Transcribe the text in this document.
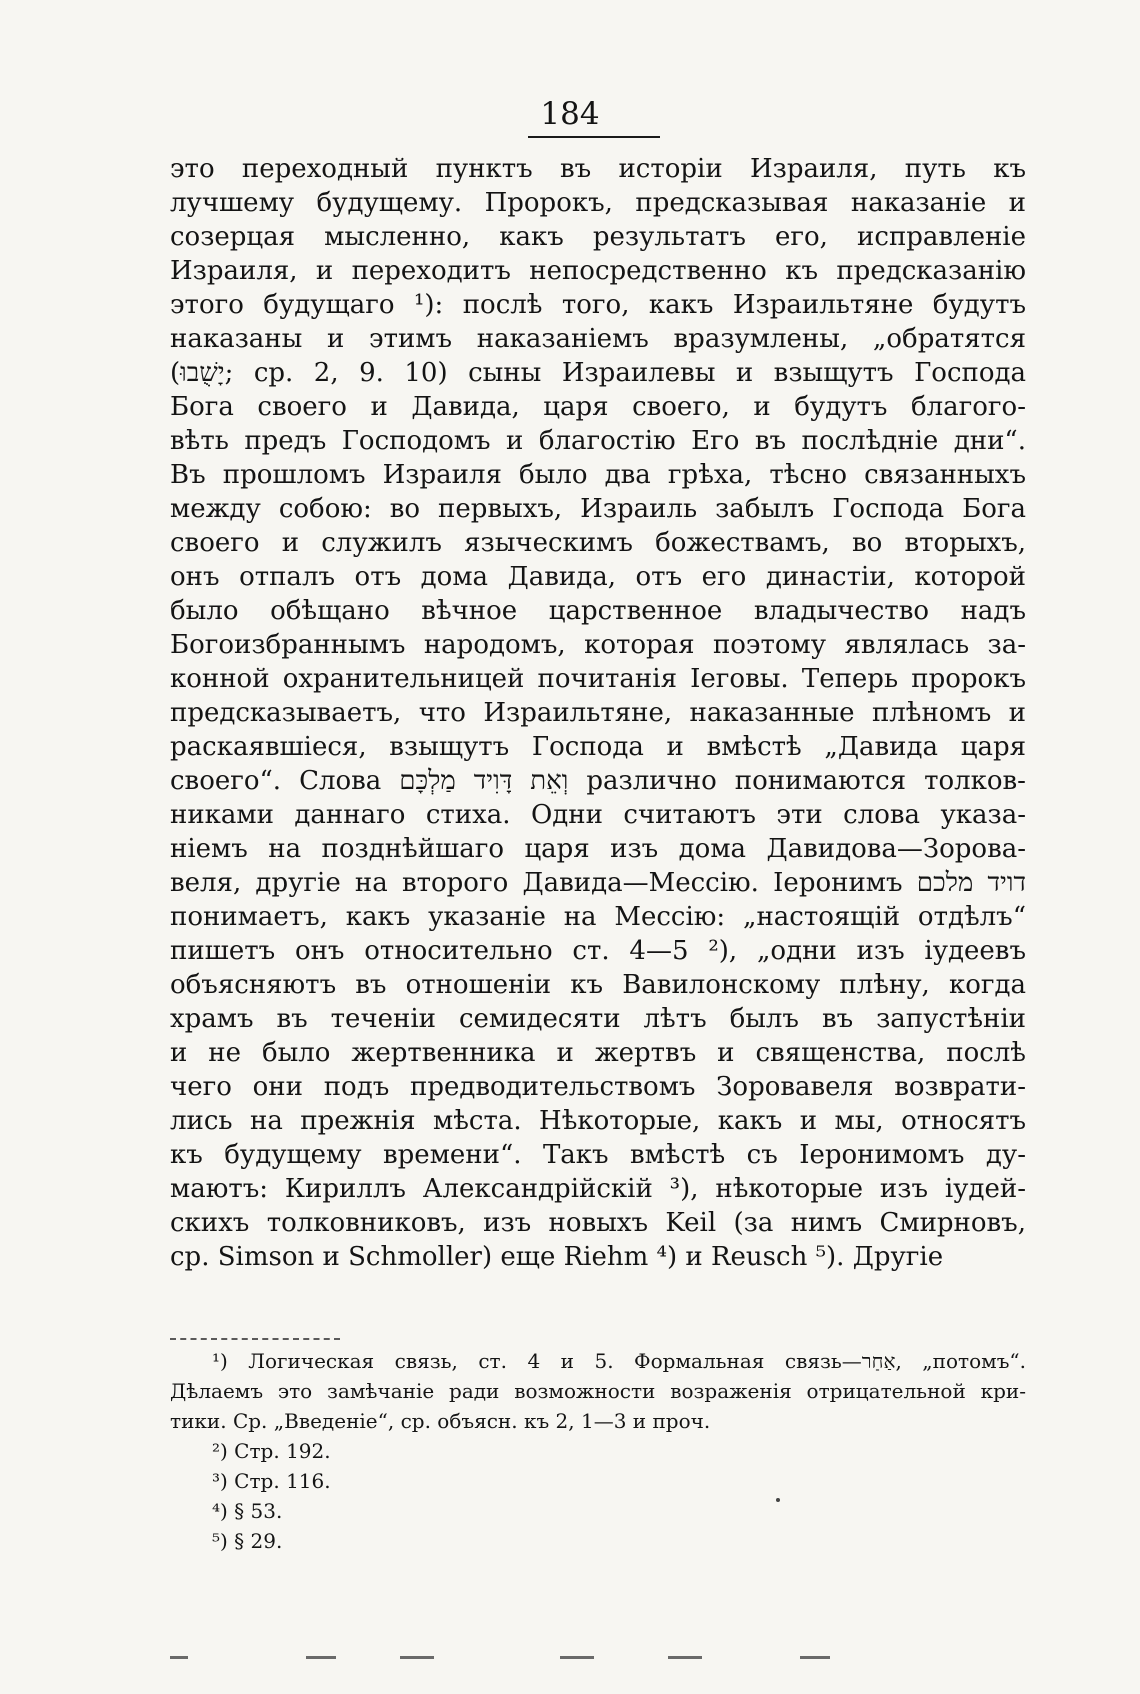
184
это переходный пунктъ въ исторіи Израиля, путь къ
лучшему будущему. Пророкъ, предсказывая наказаніе и
созерцая мысленно, какъ результатъ его, исправленіе
Израиля, и переходитъ непосредственно къ предсказанію
этого будущаго ¹): послѣ того, какъ Израильтяне будутъ
наказаны и этимъ наказаніемъ вразумлены, „обратятся
(יָשֻׁבוּ; ср. 2, 9. 10) сыны Израилевы и взыщутъ Господа
Бога своего и Давида, царя своего, и будутъ благого-
вѣть предъ Господомъ и благостію Его въ послѣдніе дни“.
Въ прошломъ Израиля было два грѣха, тѣсно связанныхъ
между собою: во первыхъ, Израиль забылъ Господа Бога
своего и служилъ языческимъ божествамъ, во вторыхъ,
онъ отпалъ отъ дома Давида, отъ его династіи, которой
было обѣщано вѣчное царственное владычество надъ
Богоизбраннымъ народомъ, которая поэтому являлась за-
конной охранительницей почитанія Іеговы. Теперь пророкъ
предсказываетъ, что Израильтяне, наказанные плѣномъ и
раскаявшіеся, взыщутъ Господа и вмѣстѣ „Давида царя
своего“. Слова וְאֵת דָּוִיד מַלְכָּם различно понимаются толков-
никами даннаго стиха. Одни считаютъ эти слова указа-
ніемъ на позднѣйшаго царя изъ дома Давидова—Зорова-
веля, другіе на второго Давида—Мессію. Іеронимъ דויד מלכם
понимаетъ, какъ указаніе на Мессію: „настоящій отдѣлъ“
пишетъ онъ относительно ст. 4—5 ²), „одни изъ іудеевъ
объясняютъ въ отношеніи къ Вавилонскому плѣну, когда
храмъ въ теченіи семидесяти лѣтъ былъ въ запустѣніи
и не было жертвенника и жертвъ и священства, послѣ
чего они подъ предводительствомъ Зоровавеля возврати-
лись на прежнія мѣста. Нѣкоторые, какъ и мы, относятъ
къ будущему времени“. Такъ вмѣстѣ съ Іеронимомъ ду-
маютъ: Кириллъ Александрійскій ³), нѣкоторые изъ іудей-
скихъ толковниковъ, изъ новыхъ Keil (за нимъ Смирновъ,
ср. Simson и Schmoller) еще Riehm ⁴) и Reusch ⁵). Другіе
¹) Логическая связь, ст. 4 и 5. Формальная связь—אַחַר, „потомъ“.
Дѣлаемъ это замѣчаніе ради возможности возраженія отрицательной кри-
тики. Ср. „Введеніе“, ср. объясн. къ 2, 1—3 и проч.
²) Стр. 192.
³) Стр. 116.
⁴) § 53.
⁵) § 29.
